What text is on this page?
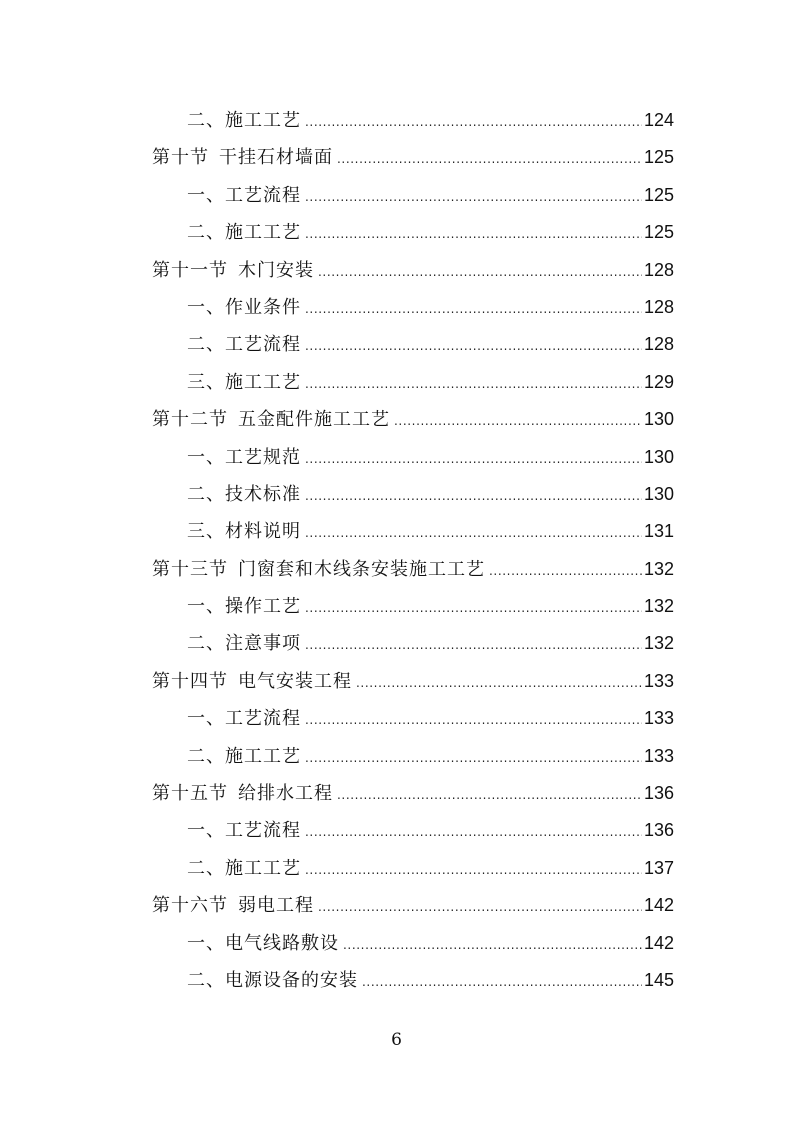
二、施工工艺 .....	124
第十节 干挂石材墙面 .....	125
一、工艺流程 .....	125
二、施工工艺 .....	125
第十一节 木门安装 .....	128
一、作业条件 .....	128
二、工艺流程 .....	128
三、施工工艺 .....	129
第十二节 五金配件施工工艺 .....	130
一、工艺规范 .....	130
二、技术标准 .....	130
三、材料说明 .....	131
第十三节 门窗套和木线条安装施工工艺 .....	132
一、操作工艺 .....	132
二、注意事项 .....	132
第十四节 电气安装工程 .....	133
一、工艺流程 .....	133
二、施工工艺 .....	133
第十五节 给排水工程 .....	136
一、工艺流程 .....	136
二、施工工艺 .....	137
第十六节 弱电工程 .....	142
一、电气线路敷设 .....	142
二、电源设备的安装 .....	145
6
